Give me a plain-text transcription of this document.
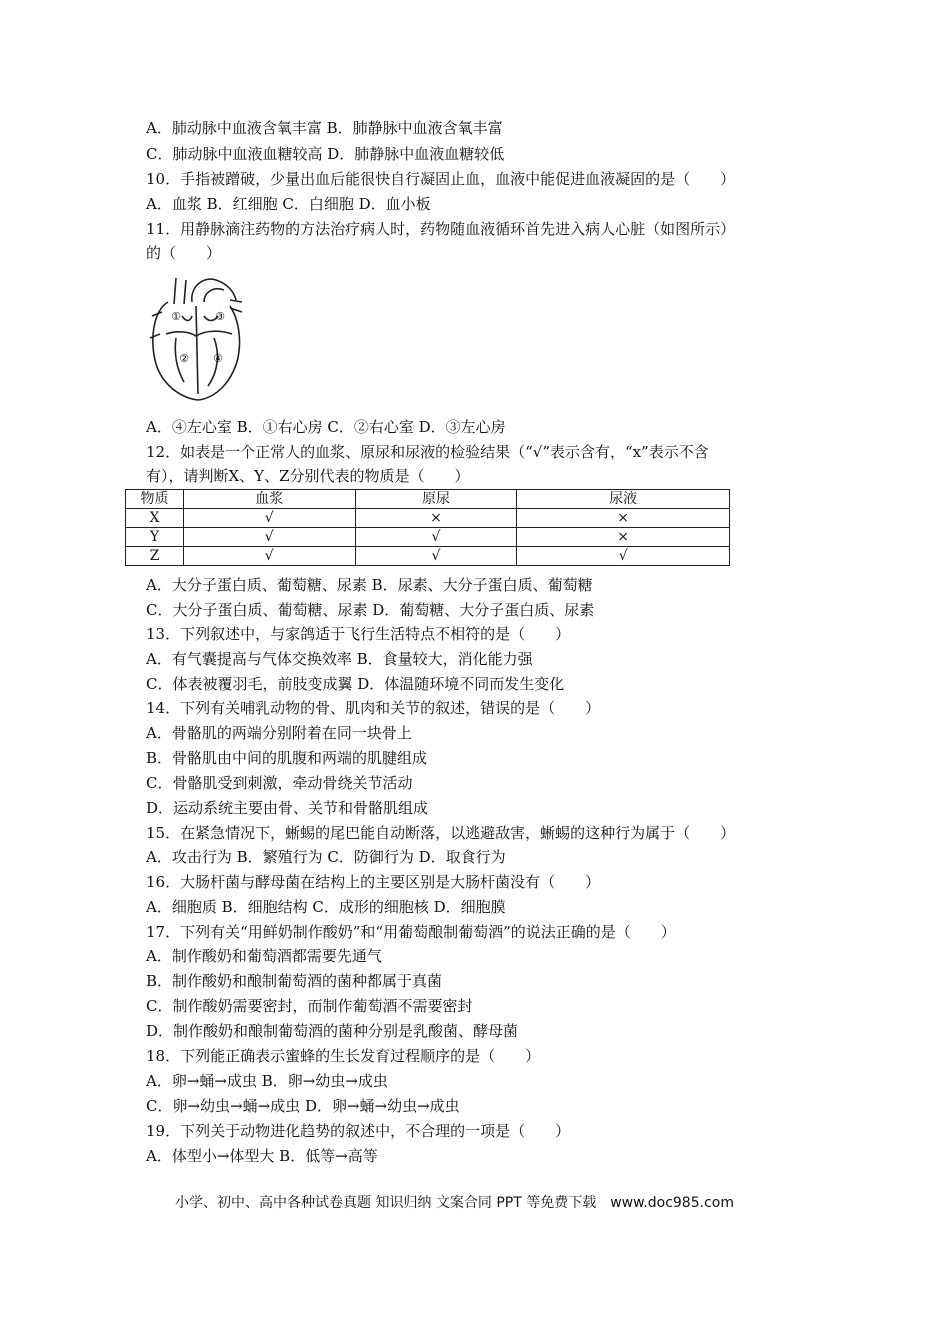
A．肺动脉中血液含氧丰富 B．肺静脉中血液含氧丰富
C．肺动脉中血液血糖较高 D．肺静脉中血液血糖较低
10．手指被蹭破，少量出血后能很快自行凝固止血，血液中能促进血液凝固的是（　　）
A．血浆 B．红细胞 C．白细胞 D．血小板
11．用静脉滴注药物的方法治疗病人时，药物随血液循环首先进入病人心脏（如图所示）
的（　　）
①
②
③
④
A．④左心室 B．①右心房 C．②右心室 D．③左心房
12．如表是一个正常人的血浆、原尿和尿液的检验结果（“√”表示含有，“x”表示不含
有），请判断X、Y、Z分别代表的物质是（　　）
物质	血浆	原尿	尿液
X	√	×	×
Y	√	√	×
Z	√	√	√
A．大分子蛋白质、葡萄糖、尿素 B．尿素、大分子蛋白质、葡萄糖
C．大分子蛋白质、葡萄糖、尿素 D．葡萄糖、大分子蛋白质、尿素
13．下列叙述中，与家鸽适于飞行生活特点不相符的是（　　）
A．有气囊提高与气体交换效率 B．食量较大，消化能力强
C．体表被覆羽毛，前肢变成翼 D．体温随环境不同而发生变化
14．下列有关哺乳动物的骨、肌肉和关节的叙述，错误的是（　　）
A．骨骼肌的两端分别附着在同一块骨上
B．骨骼肌由中间的肌腹和两端的肌腱组成
C．骨骼肌受到刺激，牵动骨绕关节活动
D．运动系统主要由骨、关节和骨骼肌组成
15．在紧急情况下，蜥蜴的尾巴能自动断落，以逃避敌害，蜥蜴的这种行为属于（　　）
A．攻击行为 B．繁殖行为 C．防御行为 D．取食行为
16．大肠杆菌与酵母菌在结构上的主要区别是大肠杆菌没有（　　）
A．细胞质 B．细胞结构 C．成形的细胞核 D．细胞膜
17．下列有关“用鲜奶制作酸奶”和“用葡萄酿制葡萄酒”的说法正确的是（　　）
A．制作酸奶和葡萄酒都需要先通气
B．制作酸奶和酿制葡萄酒的菌种都属于真菌
C．制作酸奶需要密封，而制作葡萄酒不需要密封
D．制作酸奶和酿制葡萄酒的菌种分别是乳酸菌、酵母菌
18．下列能正确表示蜜蜂的生长发育过程顺序的是（　　）
A．卵→蛹→成虫 B．卵→幼虫→成虫
C．卵→幼虫→蛹→成虫 D．卵→蛹→幼虫→成虫
19．下列关于动物进化趋势的叙述中，不合理的一项是（　　）
A．体型小→体型大 B．低等→高等
小学、初中、高中各种试卷真题 知识归纳 文案合同 PPT 等免费下载　www.doc985.com
